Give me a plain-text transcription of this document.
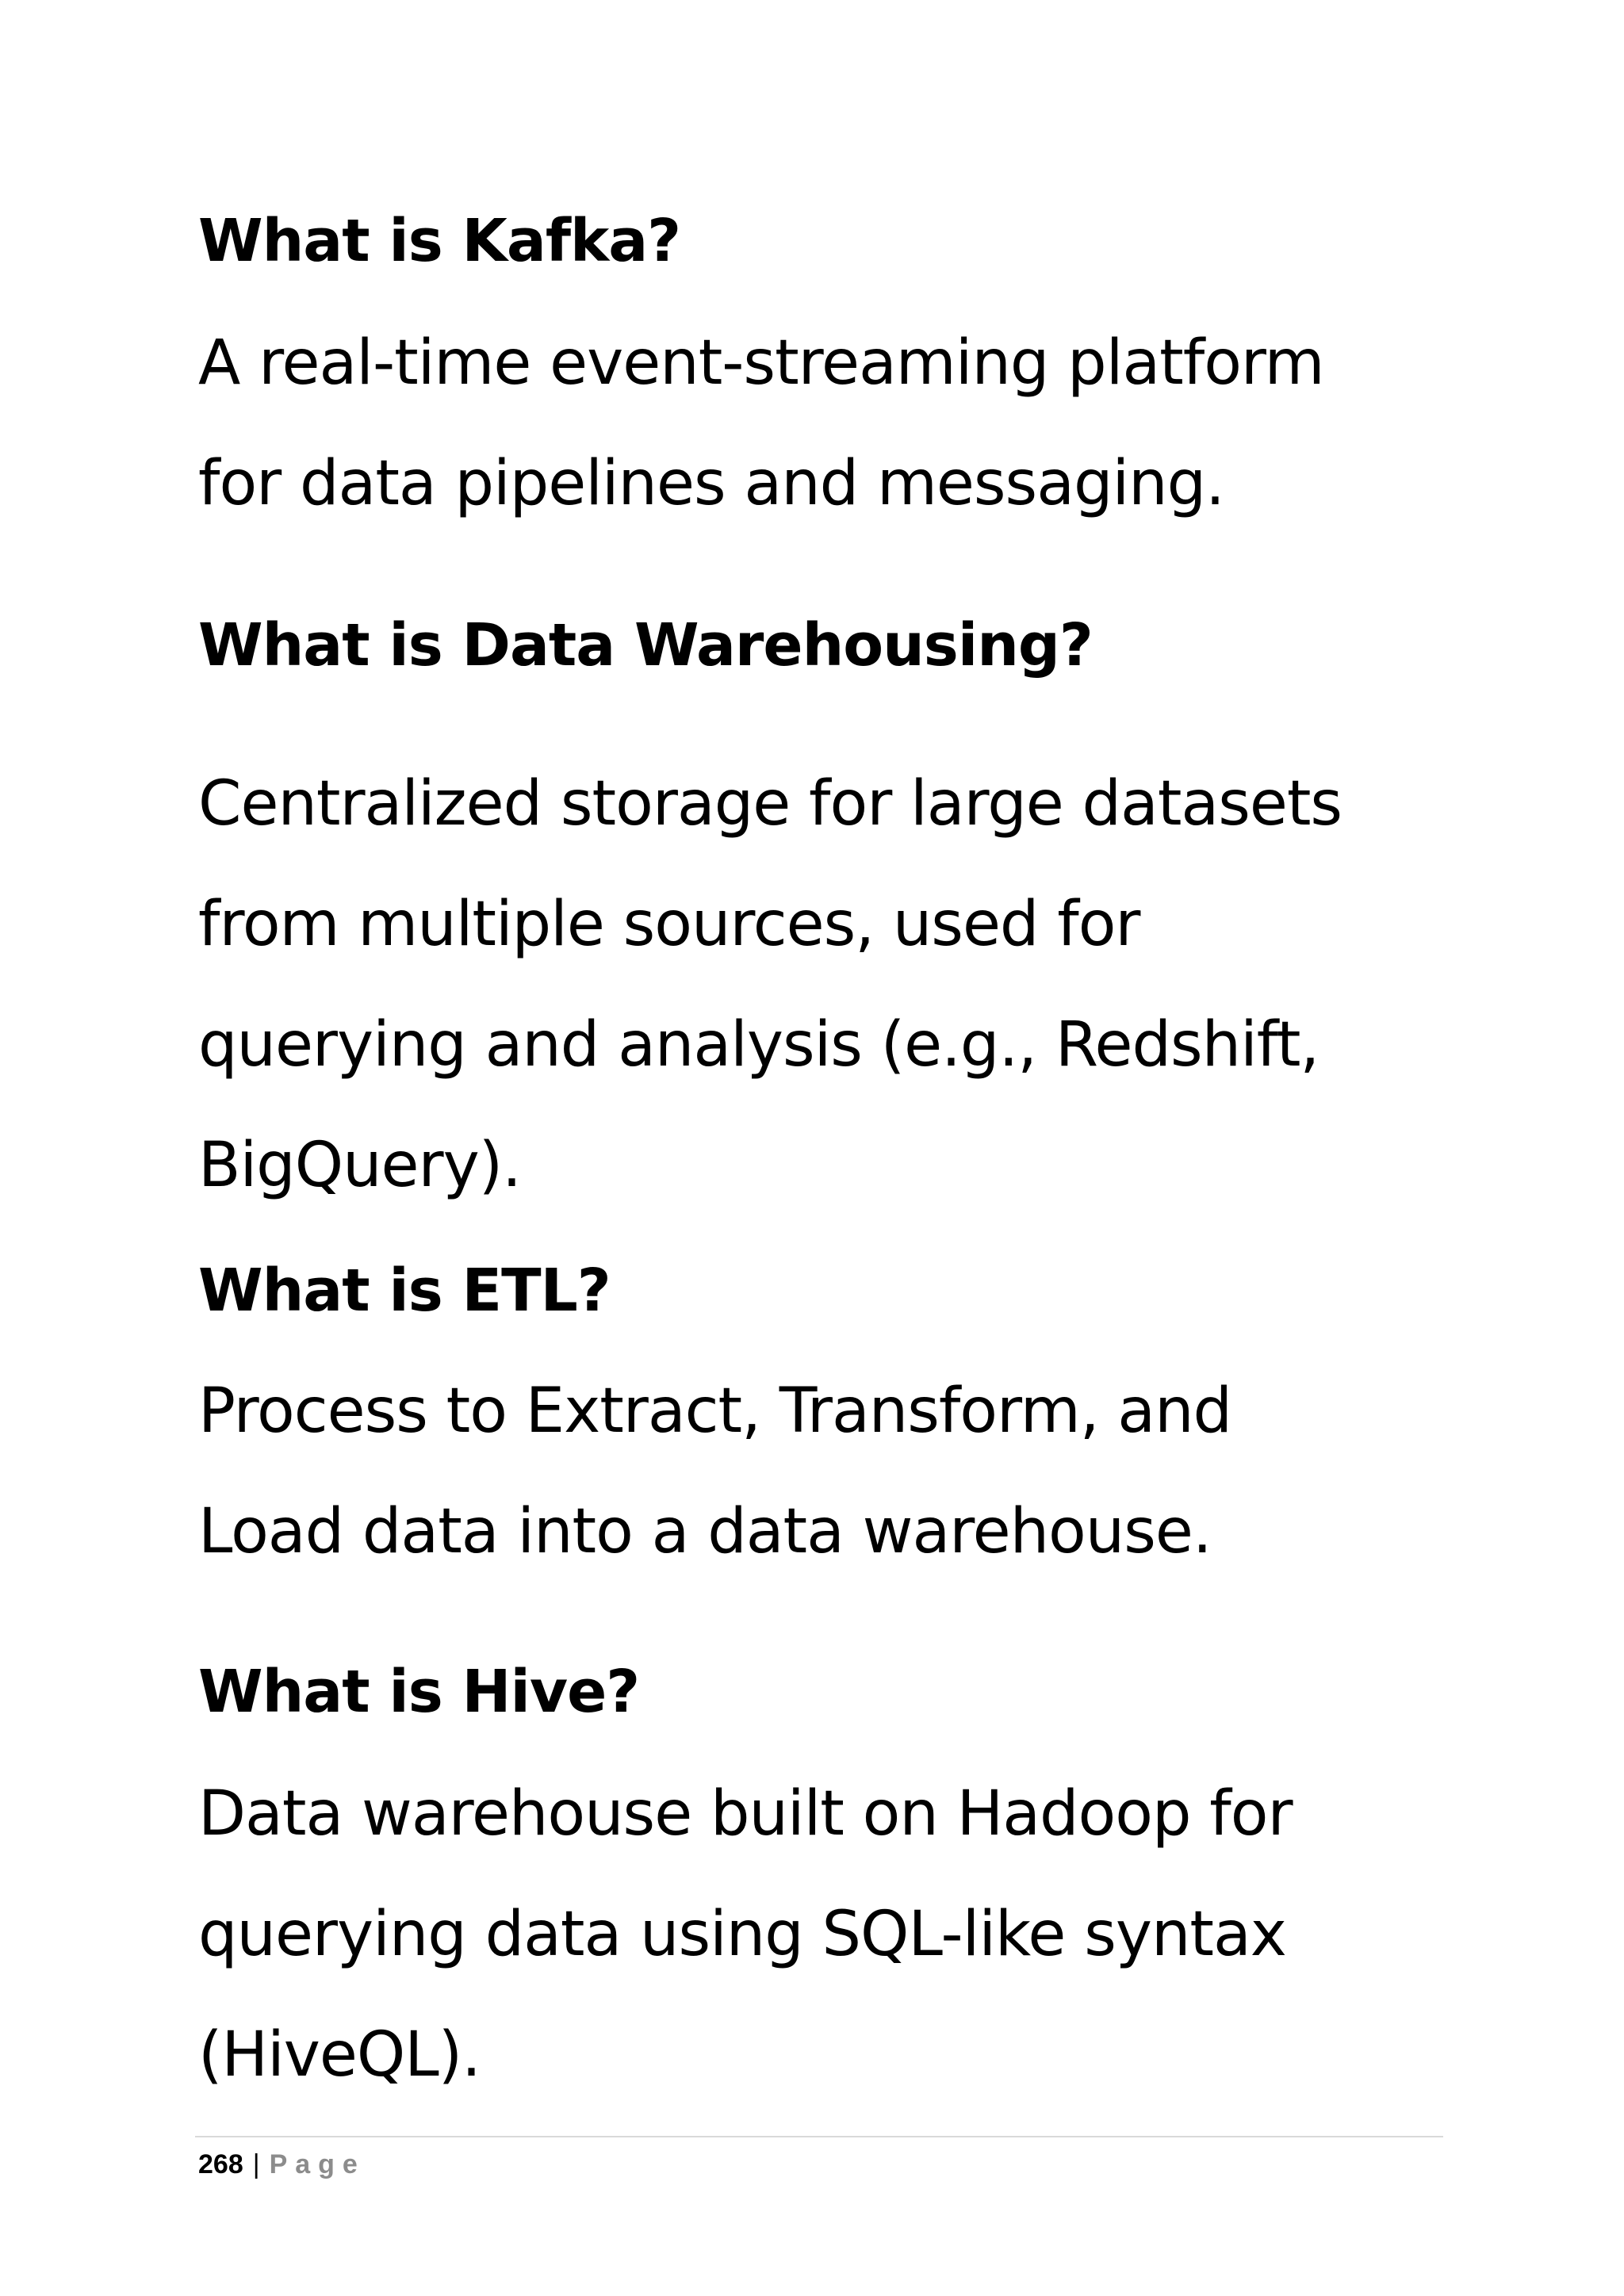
What is Kafka?

A real-time event-streaming platform
for data pipelines and messaging.

What is Data Warehousing?

Centralized storage for large datasets
from multiple sources, used for
querying and analysis (e.g., Redshift,
BigQuery).

What is ETL?

Process to Extract, Transform, and
Load data into a data warehouse.

What is Hive?

Data warehouse built on Hadoop for
querying data using SQL-like syntax
(HiveQL).

268 | Page
